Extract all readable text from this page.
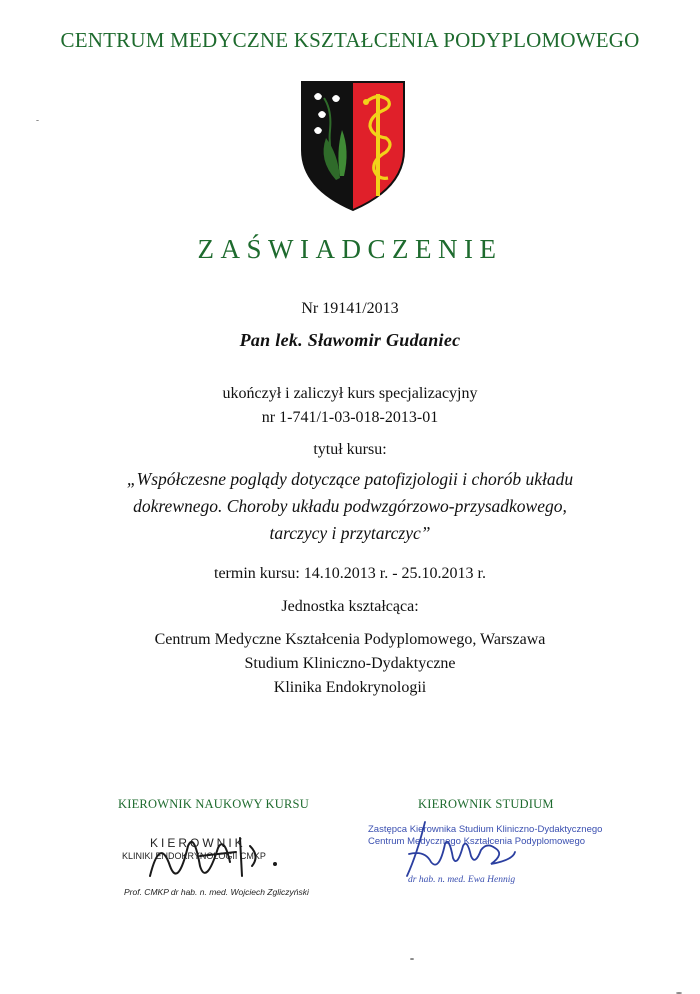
CENTRUM MEDYCZNE KSZTAŁCENIA PODYPLOMOWEGO
ZAŚWIADCZENIE
Nr 19141/2013
Pan lek. Sławomir Gudaniec
ukończył i zaliczył kurs specjalizacyjny
nr 1-741/1-03-018-2013-01
tytuł kursu:
„Współczesne poglądy dotyczące patofizjologii i chorób układu
dokrewnego. Choroby układu podwzgórzowo-przysadkowego,
tarczycy i przytarczyc”
termin kursu: 14.10.2013 r. - 25.10.2013 r.
Jednostka kształcąca:
Centrum Medyczne Kształcenia Podyplomowego, Warszawa
Studium Kliniczno-Dydaktyczne
Klinika Endokrynologii
KIEROWNIK NAUKOWY KURSU
KIEROWNIK
KLINIKI ENDOKRYNOLOGII CMKP
Prof. CMKP dr hab. n. med. Wojciech Zgliczyński
KIEROWNIK STUDIUM
Zastępca Kierownika Studium Kliniczno-Dydaktycznego
Centrum Medycznego Kształcenia Podyplomowego
dr hab. n. med. Ewa Hennig
